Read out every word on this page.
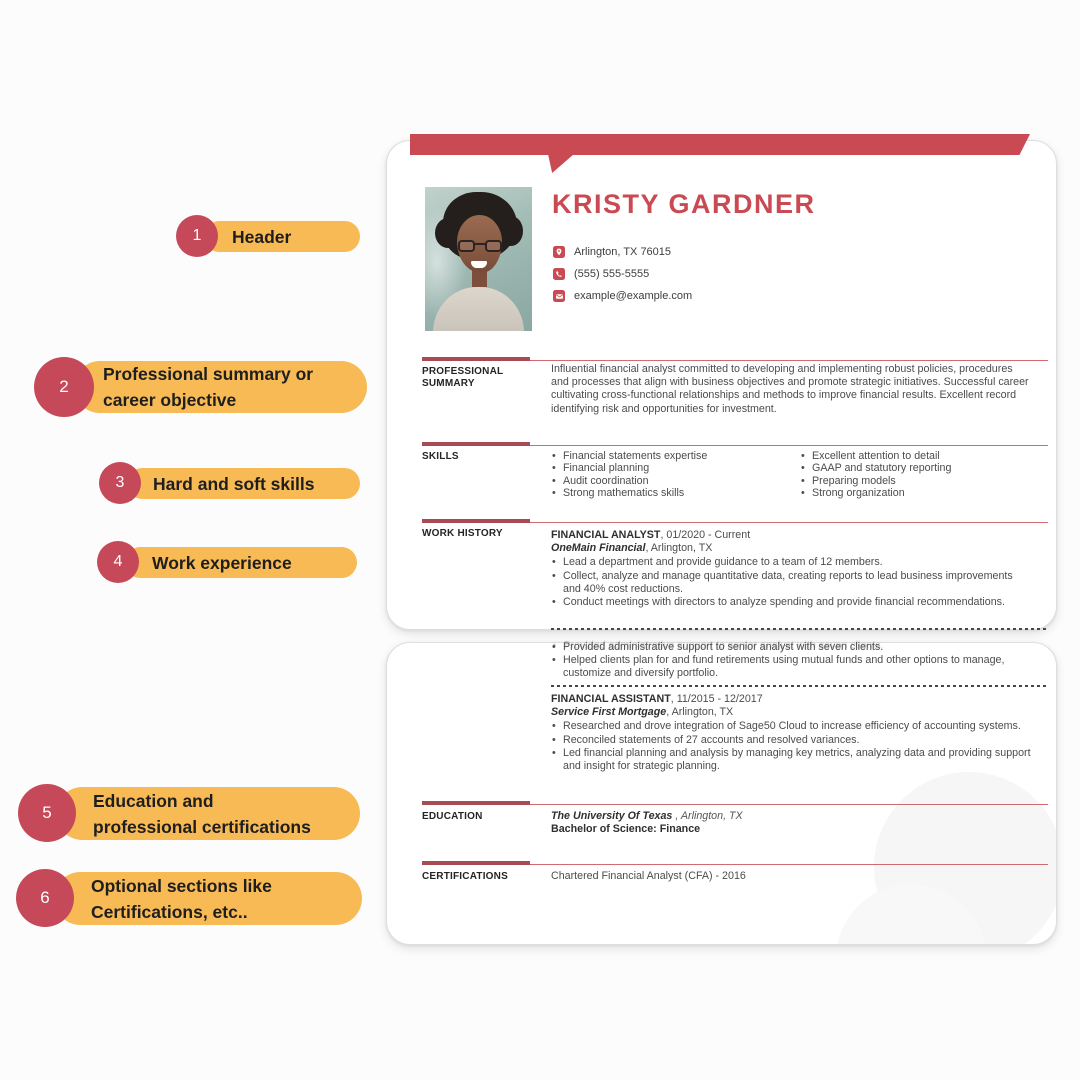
KRISTY GARDNER
Arlington, TX 76015
(555) 555-5555
example@example.com
PROFESSIONAL
SUMMARY

Influential financial analyst committed to developing and implementing robust policies, procedures and processes that align with business objectives and promote strategic initiatives. Successful career cultivating cross-functional relationships and methods to improve financial results. Excellent record identifying risk and opportunities for investment.

SKILLS	• Financial statements expertise
• Financial planning
• Audit coordination
• Strong mathematics skills
• Excellent attention to detail
• GAAP and statutory reporting
• Preparing models
• Strong organization
WORK HISTORY	FINANCIAL ANALYST, 01/2020 - Current
OneMain Financial, Arlington, TX
• Lead a department and provide guidance to a team of 12 members.
• Collect, analyze and manage quantitative data, creating reports to lead business improvements and 40% cost reductions.
• Conduct meetings with directors to analyze spending and provide financial recommendations.
• Provided administrative support to senior analyst with seven clients.
• Helped clients plan for and fund retirements using mutual funds and other options to manage, customize and diversify portfolio.
FINANCIAL ASSISTANT, 11/2015 - 12/2017
Service First Mortgage, Arlington, TX
• Researched and drove integration of Sage50 Cloud to increase efficiency of accounting systems.
• Reconciled statements of 27 accounts and resolved variances.
• Led financial planning and analysis by managing key metrics, analyzing data and providing support and insight for strategic planning.
EDUCATION	The University Of Texas , Arlington, TX
Bachelor of Science: Finance
CERTIFICATIONS	Chartered Financial Analyst (CFA) - 2016
Header
1
Professional summary or
career objective
2
Hard and soft skills
3
Work experience
4
Education and
professional certifications
5
Optional sections like
Certifications, etc..
6
